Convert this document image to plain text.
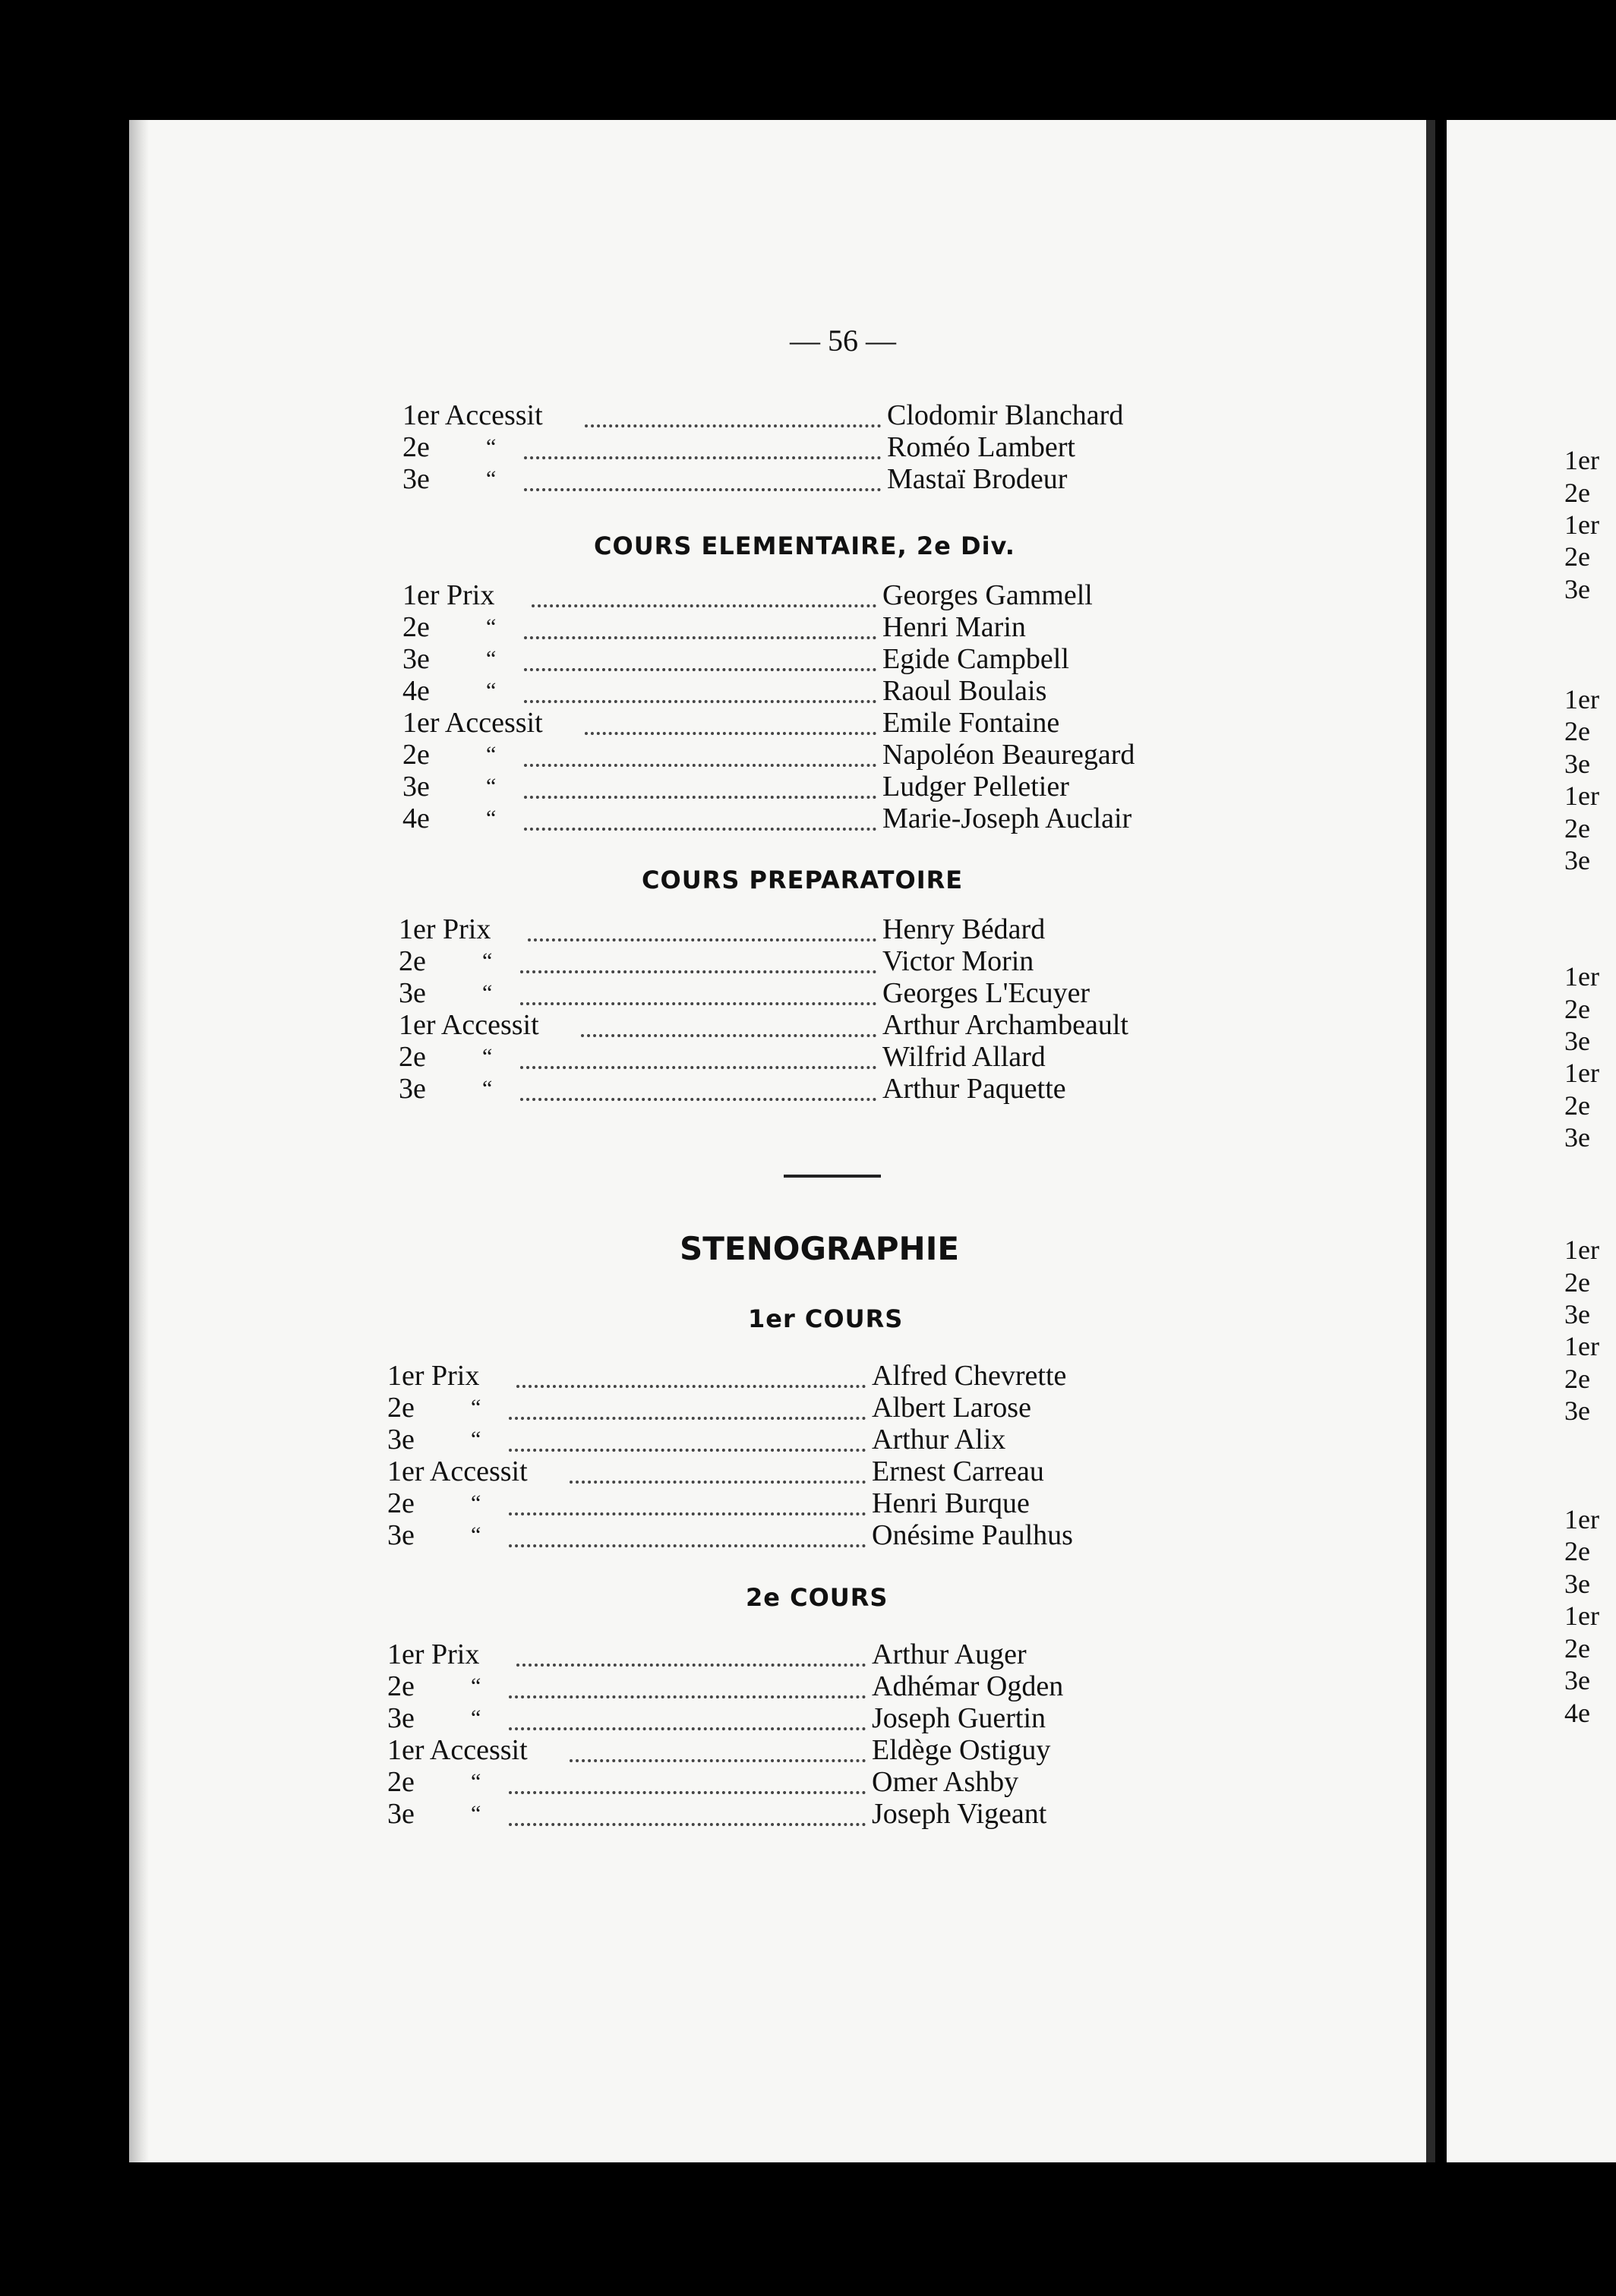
— 56 —
1er Accessit	Clodomir Blanchard
2e “	Roméo Lambert
3e “	Mastaï Brodeur
COURS ELEMENTAIRE, 2e Div.
1er Prix	Georges Gammell
2e “	Henri Marin
3e “	Egide Campbell
4e “	Raoul Boulais
1er Accessit	Emile Fontaine
2e “	Napoléon Beauregard
3e “	Ludger Pelletier
4e “	Marie-Joseph Auclair
COURS PREPARATOIRE
1er Prix	Henry Bédard
2e “	Victor Morin
3e “	Georges L'Ecuyer
1er Accessit	Arthur Archambeault
2e “	Wilfrid Allard
3e “	Arthur Paquette
STENOGRAPHIE
1er COURS
1er Prix	Alfred Chevrette
2e “	Albert Larose
3e “	Arthur Alix
1er Accessit	Ernest Carreau
2e “	Henri Burque
3e “	Onésime Paulhus
2e COURS
1er Prix	Arthur Auger
2e “	Adhémar Ogden
3e “	Joseph Guertin
1er Accessit	Eldège Ostiguy
2e “	Omer Ashby
3e “	Joseph Vigeant
1er
2e
1er
2e
3e
1er
2e
3e
1er
2e
3e
1er
2e
3e
1er
2e
3e
1er
2e
3e
1er
2e
3e
1er
2e
3e
1er
2e
3e
4e
